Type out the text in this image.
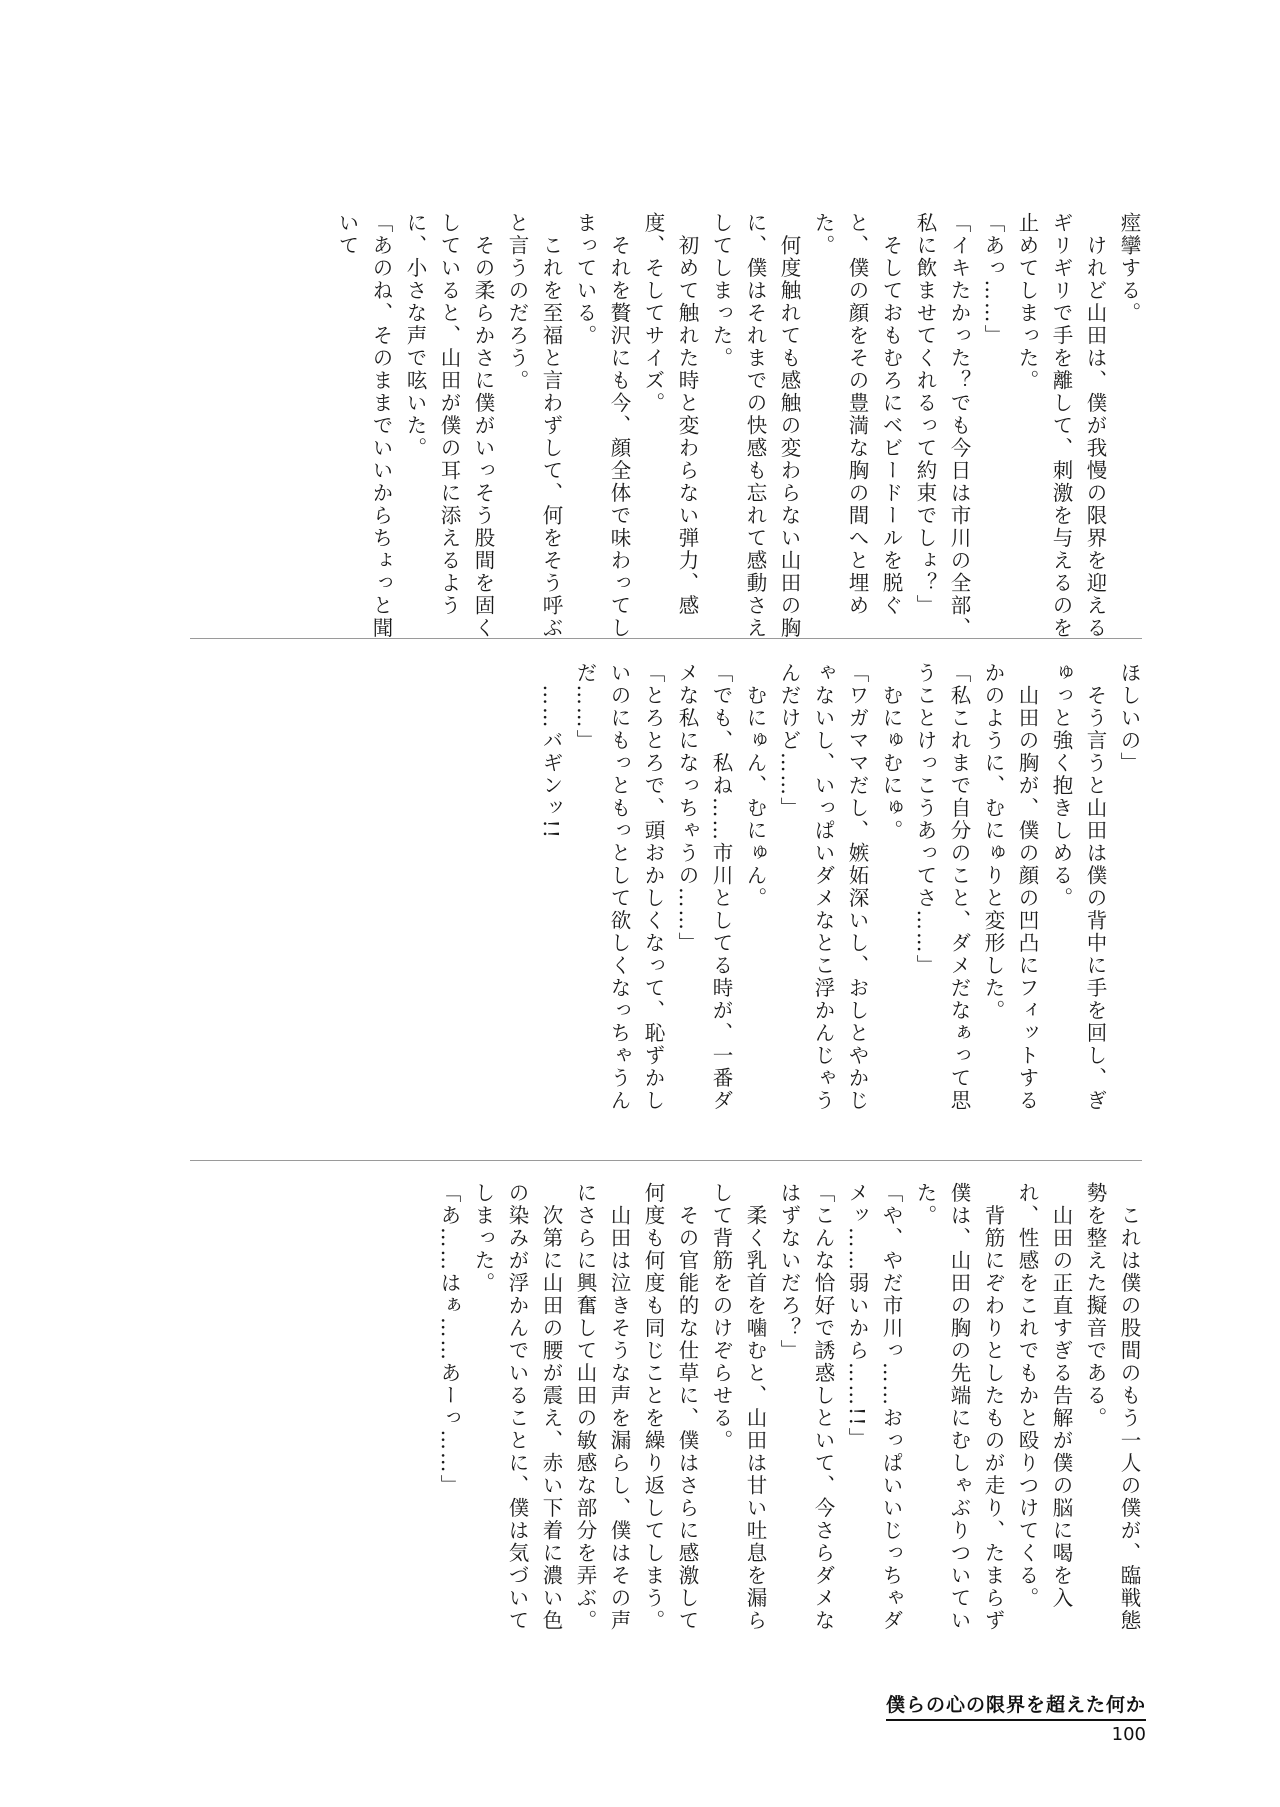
痙攣する。

　けれど山田は、僕が我慢の限界を迎えるギリギリで手を離して、刺激を与えるのを止めてしまった。

「あっ……」

「イキたかった？でも今日は市川の全部、私に飲ませてくれるって約束でしょ？」

　そしておもむろにベビードールを脱ぐと、僕の顔をその豊満な胸の間へと埋めた。

　何度触れても感触の変わらない山田の胸に、僕はそれまでの快感も忘れて感動さえしてしまった。

　初めて触れた時と変わらない弾力、感度、そしてサイズ。

　それを贅沢にも今、顔全体で味わってしまっている。

　これを至福と言わずして、何をそう呼ぶと言うのだろう。

　その柔らかさに僕がいっそう股間を固くしていると、山田が僕の耳に添えるように、小さな声で呟いた。

「あのね、そのままでいいからちょっと聞いて

ほしいの」

　そう言うと山田は僕の背中に手を回し、ぎゅっと強く抱きしめる。

　山田の胸が、僕の顔の凹凸にフィットするかのように、むにゅりと変形した。

「私これまで自分のこと、ダメだなぁって思うことけっこうあってさ……」

　むにゅむにゅ。

「ワガママだし、嫉妬深いし、おしとやかじゃないし、いっぱいダメなとこ浮かんじゃうんだけど……」

　むにゅん、むにゅん。

「でも、私ね……市川としてる時が、一番ダメな私になっちゃうの……」

「とろとろで、頭おかしくなって、恥ずかしいのにもっともっとして欲しくなっちゃうんだ……」

　……バギンッ!!

　これは僕の股間のもう一人の僕が、臨戦態勢を整えた擬音である。

　山田の正直すぎる告解が僕の脳に喝を入れ、性感をこれでもかと殴りつけてくる。

　背筋にぞわりとしたものが走り、たまらず僕は、山田の胸の先端にむしゃぶりついていた。

「や、やだ市川っ……おっぱいいじっちゃダメッ……弱いから……!!」

「こんな恰好で誘惑しといて、今さらダメなはずないだろ？」

　柔く乳首を噛むと、山田は甘い吐息を漏らして背筋をのけぞらせる。

　その官能的な仕草に、僕はさらに感激して何度も何度も同じことを繰り返してしまう。

　山田は泣きそうな声を漏らし、僕はその声にさらに興奮して山田の敏感な部分を弄ぶ。

　次第に山田の腰が震え、赤い下着に濃い色の染みが浮かんでいることに、僕は気づいてしまった。

「あ……はぁ……あーっ……」

僕らの心の限界を超えた何か
100
